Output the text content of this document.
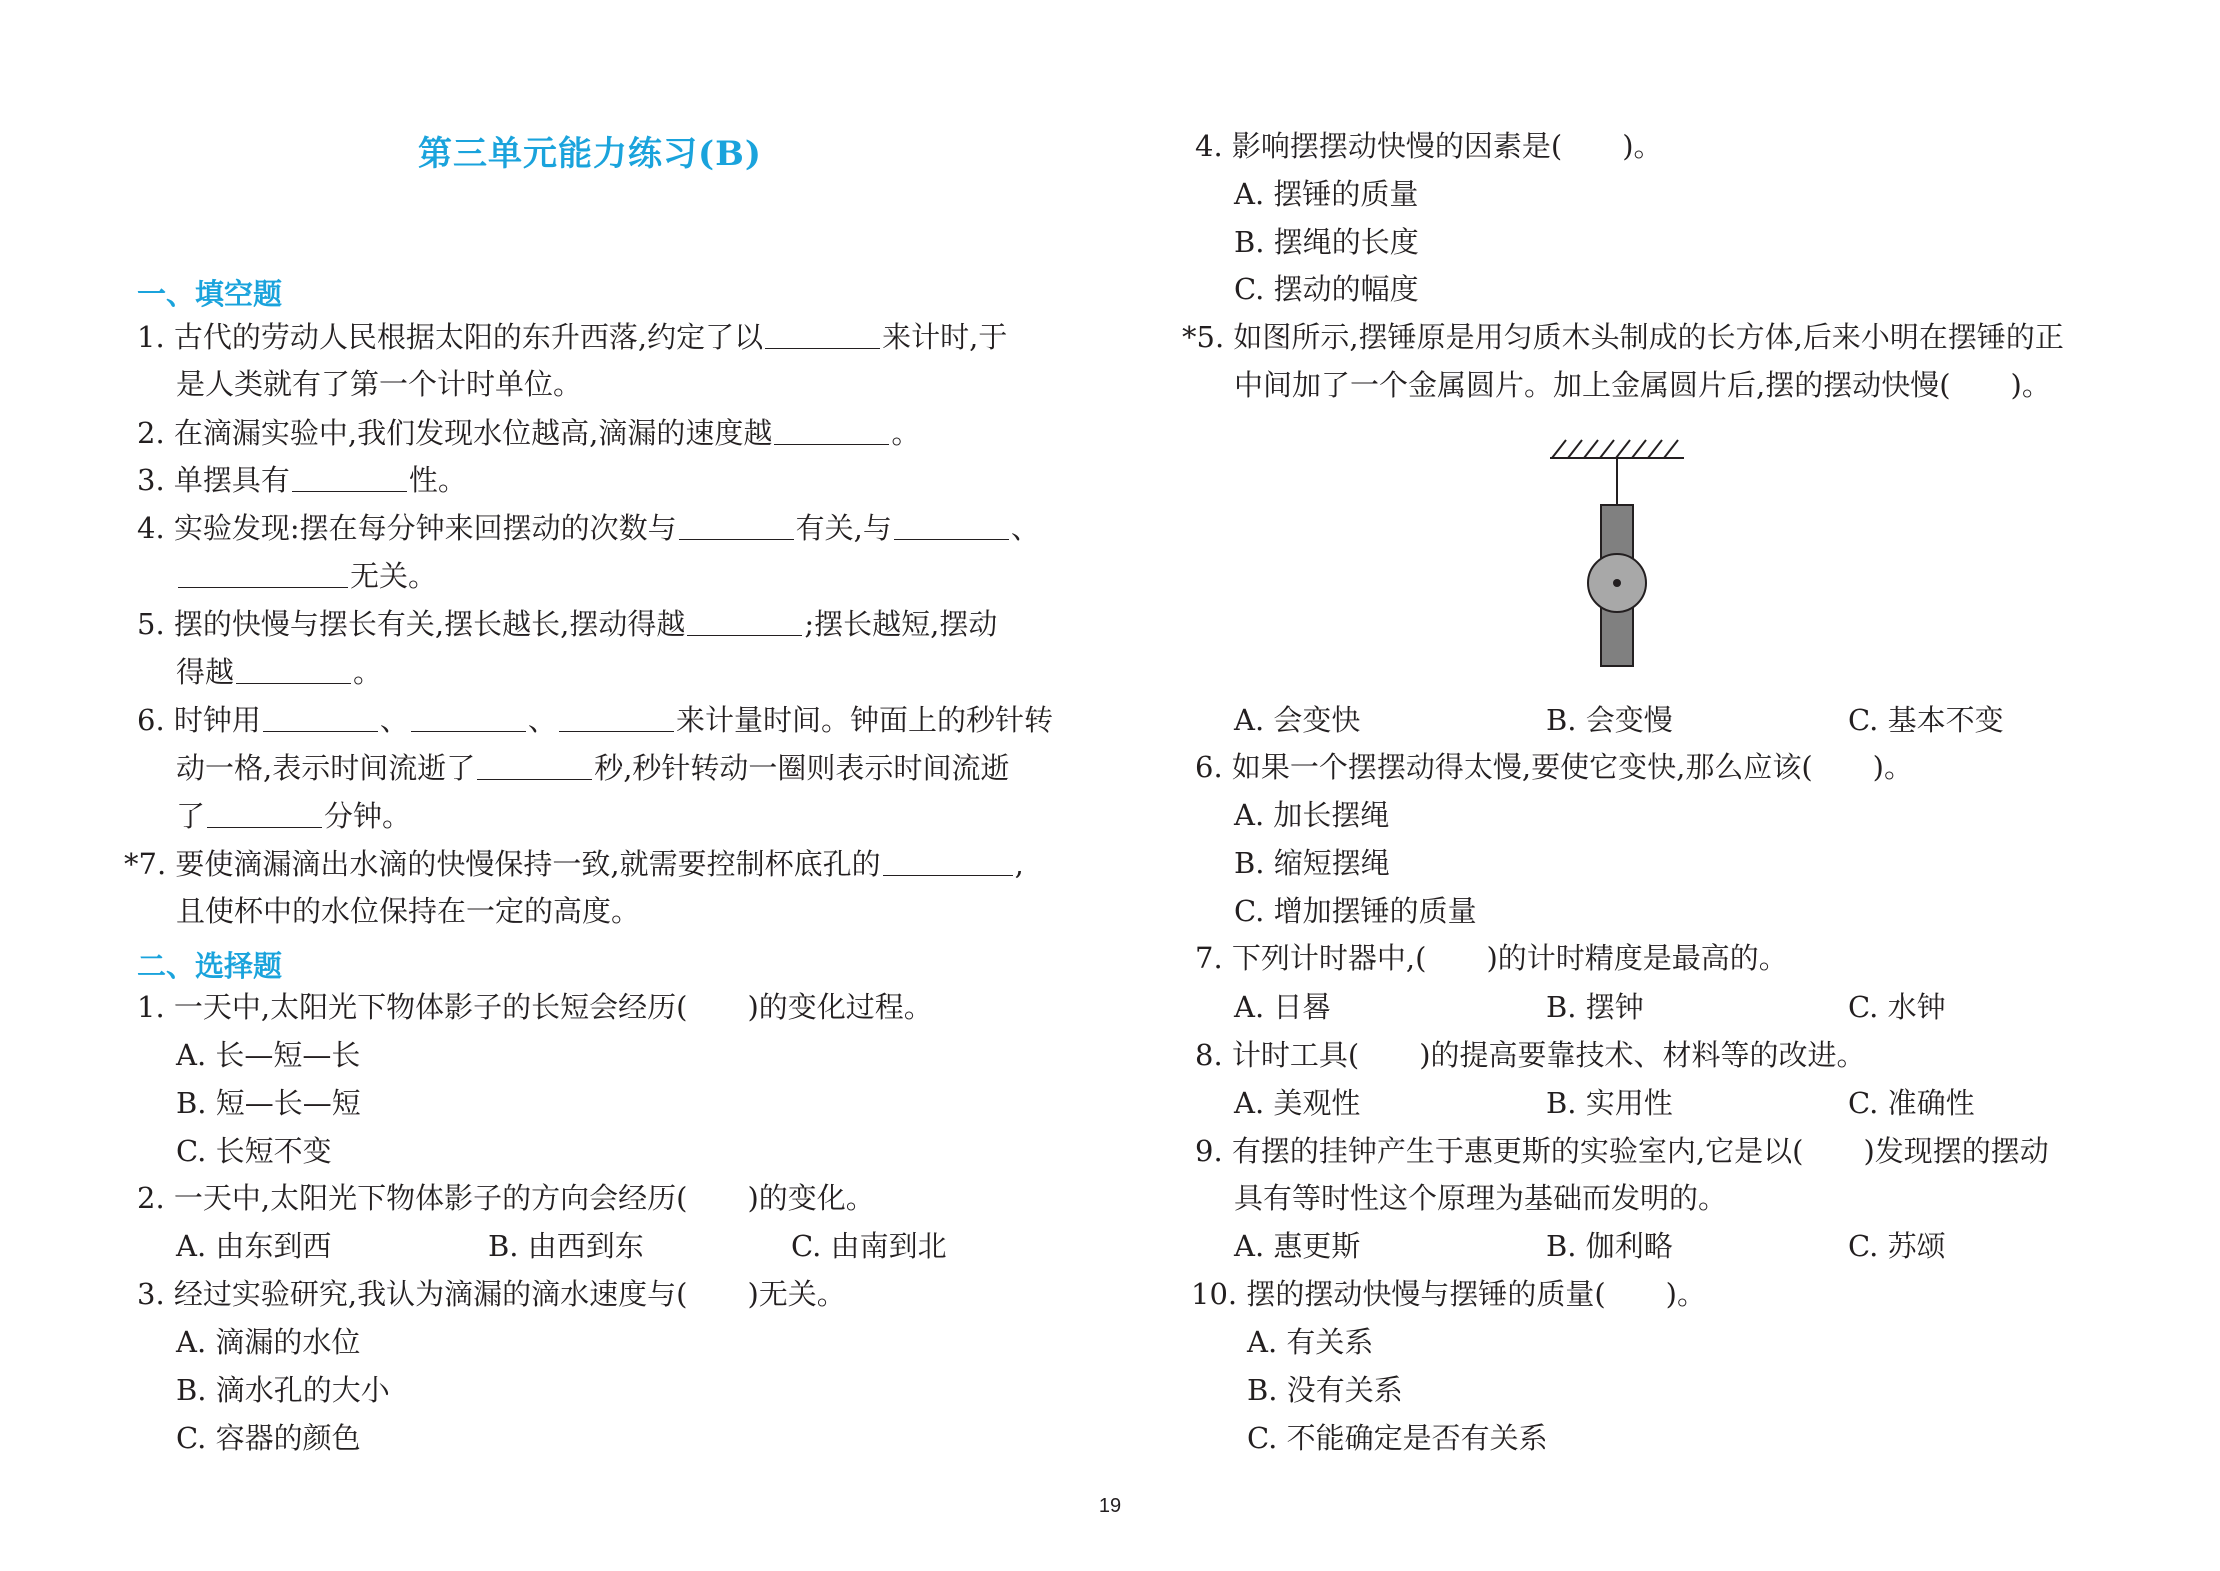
第三单元能力练习(B)
一、填空题
1. 古代的劳动人民根据太阳的东升西落,约定了以	来计时,于
是人类就有了第一个计时单位。
2. 在滴漏实验中,我们发现水位越高,滴漏的速度越	。
3. 单摆具有	性。
4. 实验发现:摆在每分钟来回摆动的次数与	有关,与	、
无关。
5. 摆的快慢与摆长有关,摆长越长,摆动得越	;摆长越短,摆动
得越	。
6. 时钟用	、	、	来计量时间。钟面上的秒针转
动一格,表示时间流逝了	秒,秒针转动一圈则表示时间流逝
了	分钟。
*7. 要使滴漏滴出水滴的快慢保持一致,就需要控制杯底孔的	,
且使杯中的水位保持在一定的高度。
二、选择题
1. 一天中,太阳光下物体影子的长短会经历( )的变化过程。
A. 长—短—长
B. 短—长—短
C. 长短不变
2. 一天中,太阳光下物体影子的方向会经历( )的变化。
A. 由东到西	B. 由西到东	C. 由南到北
3. 经过实验研究,我认为滴漏的滴水速度与( )无关。
A. 滴漏的水位
B. 滴水孔的大小
C. 容器的颜色
4. 影响摆摆动快慢的因素是( )。
A. 摆锤的质量
B. 摆绳的长度
C. 摆动的幅度
*5. 如图所示,摆锤原是用匀质木头制成的长方体,后来小明在摆锤的正
中间加了一个金属圆片。加上金属圆片后,摆的摆动快慢( )。
A. 会变快	B. 会变慢	C. 基本不变
6. 如果一个摆摆动得太慢,要使它变快,那么应该( )。
A. 加长摆绳
B. 缩短摆绳
C. 增加摆锤的质量
7. 下列计时器中,( )的计时精度是最高的。
A. 日晷	B. 摆钟	C. 水钟
8. 计时工具( )的提高要靠技术、材料等的改进。
A. 美观性	B. 实用性	C. 准确性
9. 有摆的挂钟产生于惠更斯的实验室内,它是以( )发现摆的摆动
具有等时性这个原理为基础而发明的。
A. 惠更斯	B. 伽利略	C. 苏颂
10. 摆的摆动快慢与摆锤的质量( )。
A. 有关系
B. 没有关系
C. 不能确定是否有关系
19
